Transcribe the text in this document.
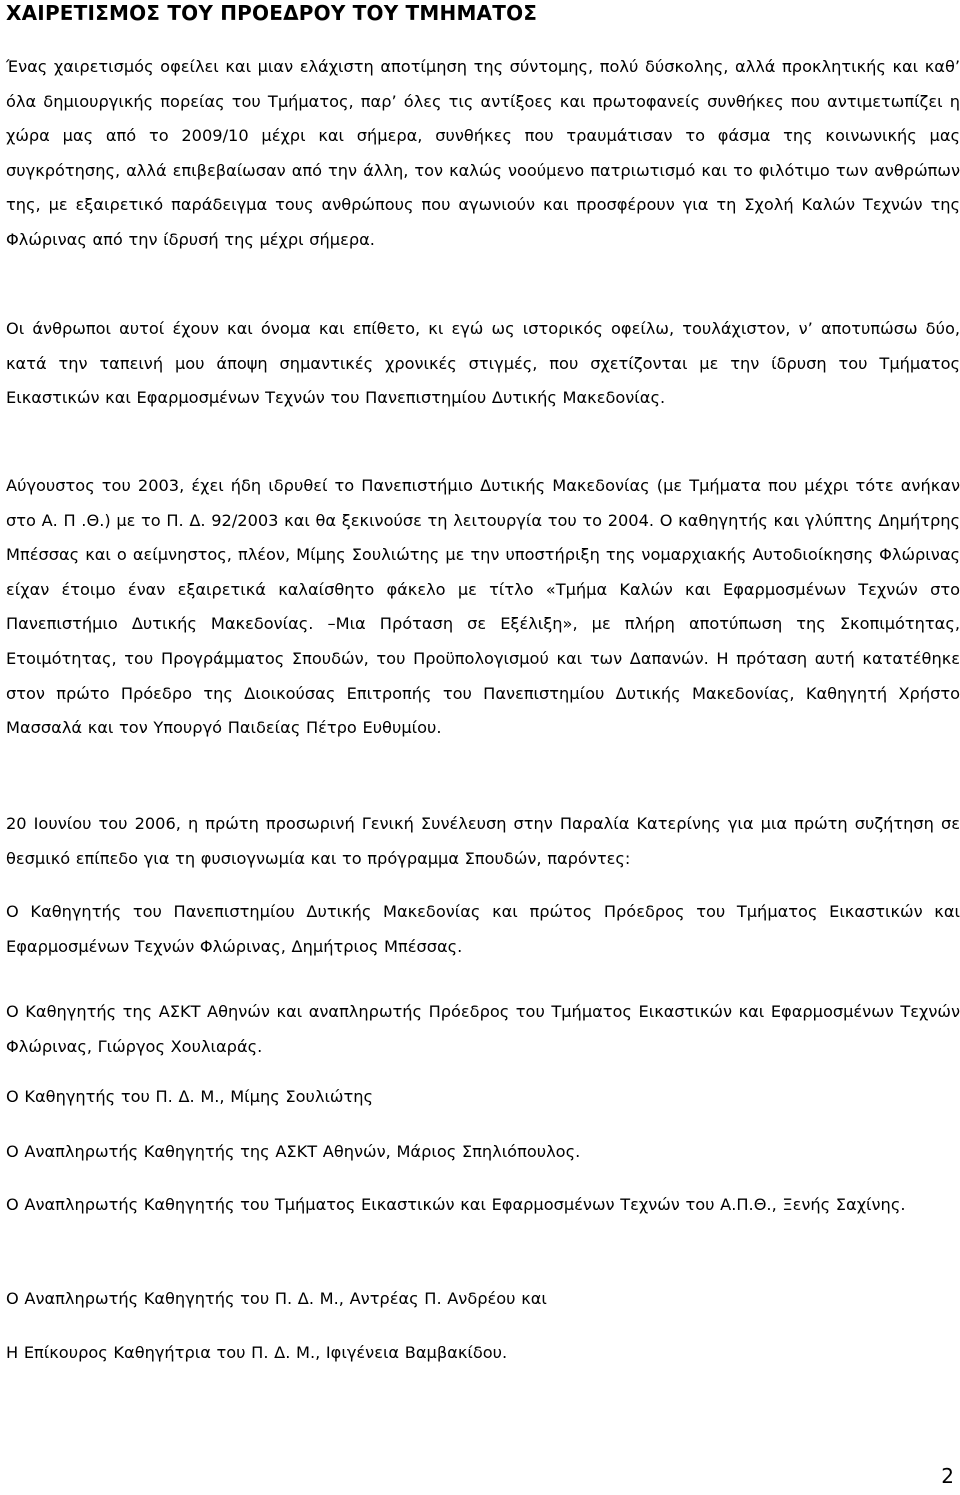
ΧΑΙΡΕΤΙΣΜΟΣ ΤΟΥ ΠΡΟΕΔΡΟΥ ΤΟΥ ΤΜΗΜΑΤΟΣ

Ένας χαιρετισμός οφείλει και μιαν ελάχιστη αποτίμηση της σύντομης, πολύ δύσκολης, αλλά προκλητικής και καθ’ όλα δημιουργικής πορείας του Τμήματος, παρ’ όλες τις αντίξοες και πρωτοφανείς συνθήκες που αντιμετωπίζει η χώρα μας από το 2009/10 μέχρι και σήμερα, συνθήκες που τραυμάτισαν το φάσμα της κοινωνικής μας συγκρότησης, αλλά επιβεβαίωσαν από την άλλη, τον καλώς νοούμενο πατριωτισμό και το φιλότιμο των ανθρώπων της, με εξαιρετικό παράδειγμα τους ανθρώπους που αγωνιούν και προσφέρουν για τη Σχολή Καλών Τεχνών της Φλώρινας από την ίδρυσή της μέχρι σήμερα.

Οι άνθρωποι αυτοί έχουν και όνομα και επίθετο, κι εγώ ως ιστορικός οφείλω, τουλάχιστον, ν’ αποτυπώσω δύο, κατά την ταπεινή μου άποψη σημαντικές χρονικές στιγμές, που σχετίζονται με την ίδρυση του Τμήματος Εικαστικών και Εφαρμοσμένων Τεχνών του Πανεπιστημίου Δυτικής Μακεδονίας.

Αύγουστος του 2003, έχει ήδη ιδρυθεί το Πανεπιστήμιο Δυτικής Μακεδονίας (με Τμήματα που μέχρι τότε ανήκαν στο Α. Π .Θ.) με το Π. Δ. 92/2003 και θα ξεκινούσε τη λειτουργία του το 2004. Ο καθηγητής και γλύπτης Δημήτρης Μπέσσας και ο αείμνηστος, πλέον, Μίμης Σουλιώτης με την υποστήριξη της νομαρχιακής Αυτοδιοίκησης Φλώρινας είχαν έτοιμο έναν εξαιρετικά καλαίσθητο φάκελο με τίτλο «Τμήμα Καλών και Εφαρμοσμένων Τεχνών στο Πανεπιστήμιο Δυτικής Μακεδονίας. –Μια Πρόταση σε Εξέλιξη», με πλήρη αποτύπωση της Σκοπιμότητας, Ετοιμότητας, του Προγράμματος Σπουδών, του Προϋπολογισμού και των Δαπανών. Η πρόταση αυτή κατατέθηκε στον πρώτο Πρόεδρο της Διοικούσας Επιτροπής του Πανεπιστημίου Δυτικής Μακεδονίας, Καθηγητή Χρήστο Μασσαλά και τον Υπουργό Παιδείας Πέτρο Ευθυμίου.

20 Ιουνίου του 2006, η πρώτη προσωρινή Γενική Συνέλευση στην Παραλία Κατερίνης για μια πρώτη συζήτηση σε θεσμικό επίπεδο για τη φυσιογνωμία και το πρόγραμμα Σπουδών, παρόντες:

Ο Καθηγητής του Πανεπιστημίου Δυτικής Μακεδονίας και πρώτος Πρόεδρος του Τμήματος Εικαστικών και Εφαρμοσμένων Τεχνών Φλώρινας, Δημήτριος Μπέσσας.

Ο Καθηγητής της ΑΣΚΤ Αθηνών και αναπληρωτής Πρόεδρος του Τμήματος Εικαστικών και Εφαρμοσμένων Τεχνών Φλώρινας, Γιώργος Χουλιαράς.

Ο Καθηγητής του Π. Δ. Μ., Μίμης Σουλιώτης

Ο Αναπληρωτής Καθηγητής της ΑΣΚΤ Αθηνών, Μάριος Σπηλιόπουλος.

Ο Αναπληρωτής Καθηγητής του Τμήματος Εικαστικών και Εφαρμοσμένων Τεχνών του Α.Π.Θ., Ξενής Σαχίνης.

Ο Αναπληρωτής Καθηγητής του Π. Δ. Μ., Αντρέας Π. Ανδρέου και

Η Επίκουρος Καθηγήτρια του Π. Δ. Μ., Ιφιγένεια Βαμβακίδου.

2
